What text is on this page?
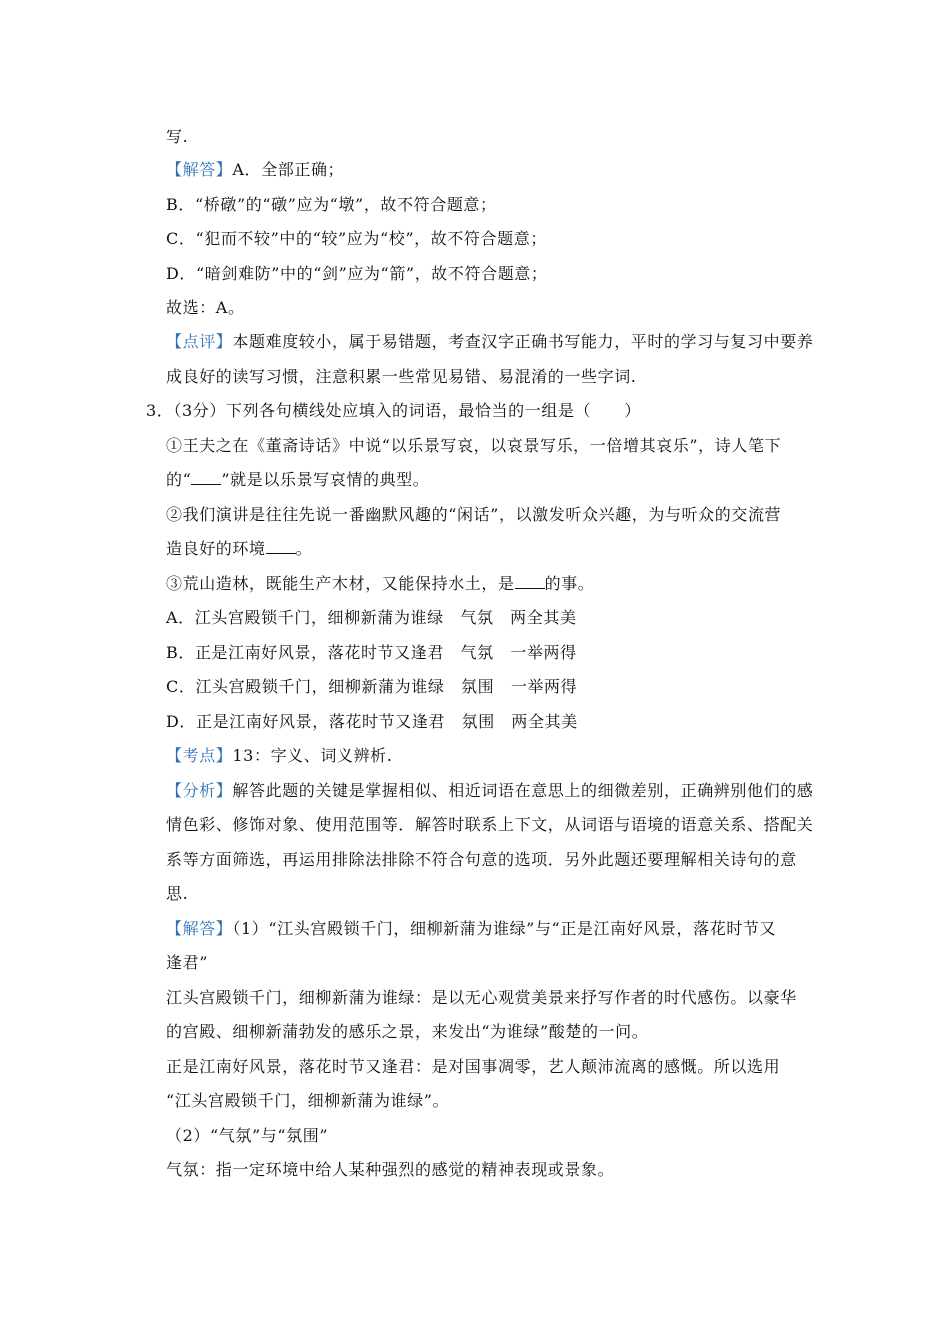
写.
【解答】A．全部正确；
B．“桥礅”的“礅”应为“墩”，故不符合题意；
C．“犯而不较”中的“较”应为“校”，故不符合题意；
D．“暗剑难防”中的“剑”应为“箭”，故不符合题意；
故选：A。
【点评】本题难度较小，属于易错题，考查汉字正确书写能力，平时的学习与复习中要养
成良好的读写习惯，注意积累一些常见易错、易混淆的一些字词.
3．（3分）下列各句横线处应填入的词语，最恰当的一组是（　　）
①王夫之在《董斋诗话》中说“以乐景写哀，以哀景写乐，一倍增其哀乐”，诗人笔下
的“ ”就是以乐景写哀情的典型。
②我们演讲是往往先说一番幽默风趣的“闲话”，以激发听众兴趣，为与听众的交流营
造良好的环境 。
③荒山造林，既能生产木材，又能保持水土，是 的事。
A．江头宫殿锁千门，细柳新蒲为谁绿　气氛　两全其美
B．正是江南好风景，落花时节又逢君　气氛　一举两得
C．江头宫殿锁千门，细柳新蒲为谁绿　氛围　一举两得
D．正是江南好风景，落花时节又逢君　氛围　两全其美
【考点】13：字义、词义辨析.
【分析】解答此题的关键是掌握相似、相近词语在意思上的细微差别，正确辨别他们的感
情色彩、修饰对象、使用范围等．解答时联系上下文，从词语与语境的语意关系、搭配关
系等方面筛选，再运用排除法排除不符合句意的选项．另外此题还要理解相关诗句的意
思.
【解答】（1）“江头宫殿锁千门，细柳新蒲为谁绿”与“正是江南好风景，落花时节又
逢君”
江头宫殿锁千门，细柳新蒲为谁绿：是以无心观赏美景来抒写作者的时代感伤。以豪华
的宫殿、细柳新蒲勃发的感乐之景，来发出“为谁绿”酸楚的一问。
正是江南好风景，落花时节又逢君：是对国事凋零，艺人颠沛流离的感慨。所以选用
“江头宫殿锁千门，细柳新蒲为谁绿”。
（2）“气氛”与“氛围”
气氛：指一定环境中给人某种强烈的感觉的精神表现或景象。
